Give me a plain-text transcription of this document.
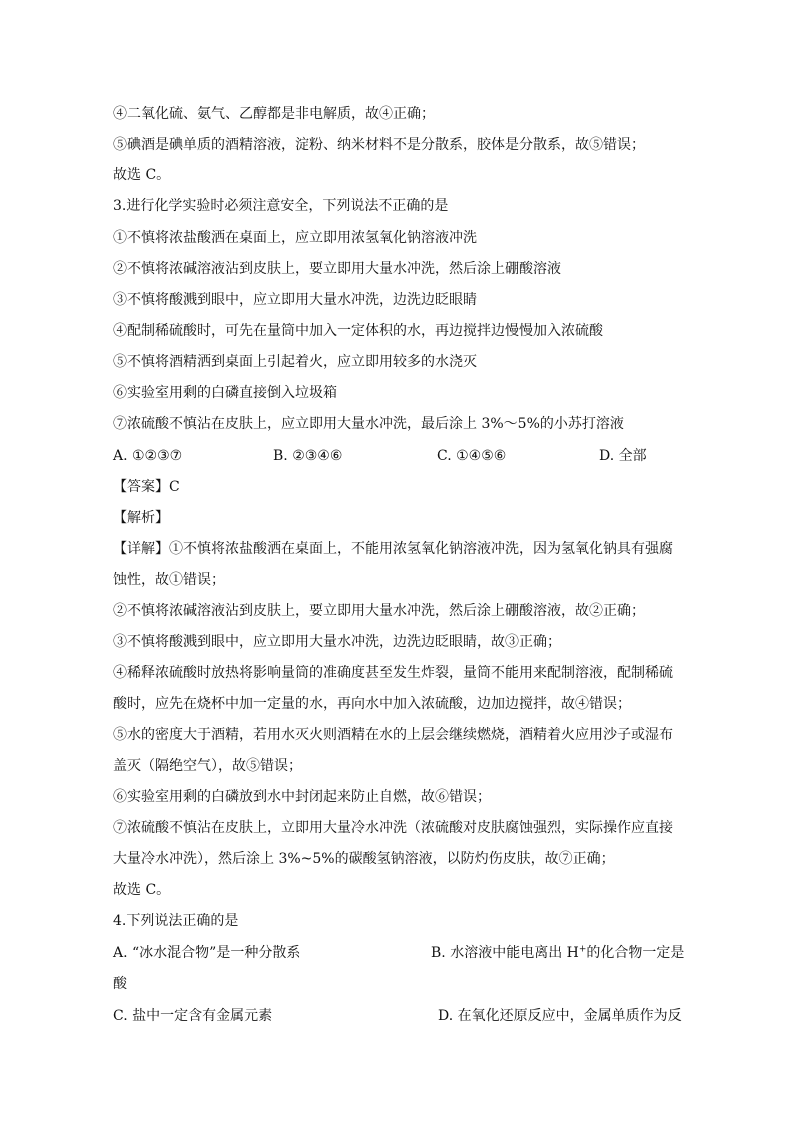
④二氧化硫、氨气、乙醇都是非电解质，故④正确；
⑤碘酒是碘单质的酒精溶液，淀粉、纳米材料不是分散系，胶体是分散系，故⑤错误；
故选 C。
3.进行化学实验时必须注意安全，下列说法不正确的是
①不慎将浓盐酸洒在桌面上，应立即用浓氢氧化钠溶液冲洗
②不慎将浓碱溶液沾到皮肤上，要立即用大量水冲洗，然后涂上硼酸溶液
③不慎将酸溅到眼中，应立即用大量水冲洗，边洗边眨眼睛
④配制稀硫酸时，可先在量筒中加入一定体积的水，再边搅拌边慢慢加入浓硫酸
⑤不慎将酒精洒到桌面上引起着火，应立即用较多的水浇灭
⑥实验室用剩的白磷直接倒入垃圾箱
⑦浓硫酸不慎沾在皮肤上，应立即用大量水冲洗，最后涂上 3%～5%的小苏打溶液
A. ①②③⑦	B. ②③④⑥	C. ①④⑤⑥	D. 全部
【答案】C
【解析】
【详解】①不慎将浓盐酸洒在桌面上，不能用浓氢氧化钠溶液冲洗，因为氢氧化钠具有强腐
蚀性，故①错误；
②不慎将浓碱溶液沾到皮肤上，要立即用大量水冲洗，然后涂上硼酸溶液，故②正确；
③不慎将酸溅到眼中，应立即用大量水冲洗，边洗边眨眼睛，故③正确；
④稀释浓硫酸时放热将影响量筒的准确度甚至发生炸裂，量筒不能用来配制溶液，配制稀硫
酸时，应先在烧杯中加一定量的水，再向水中加入浓硫酸，边加边搅拌，故④错误；
⑤水的密度大于酒精，若用水灭火则酒精在水的上层会继续燃烧，酒精着火应用沙子或湿布
盖灭（隔绝空气），故⑤错误；
⑥实验室用剩的白磷放到水中封闭起来防止自燃，故⑥错误；
⑦浓硫酸不慎沾在皮肤上，立即用大量冷水冲洗（浓硫酸对皮肤腐蚀强烈，实际操作应直接
大量冷水冲洗），然后涂上 3%~5%的碳酸氢钠溶液，以防灼伤皮肤，故⑦正确；
故选 C。
4.下列说法正确的是
A. “冰水混合物”是一种分散系	B. 水溶液中能电离出 H+的化合物一定是
酸
C. 盐中一定含有金属元素	D. 在氧化还原反应中，金属单质作为反
